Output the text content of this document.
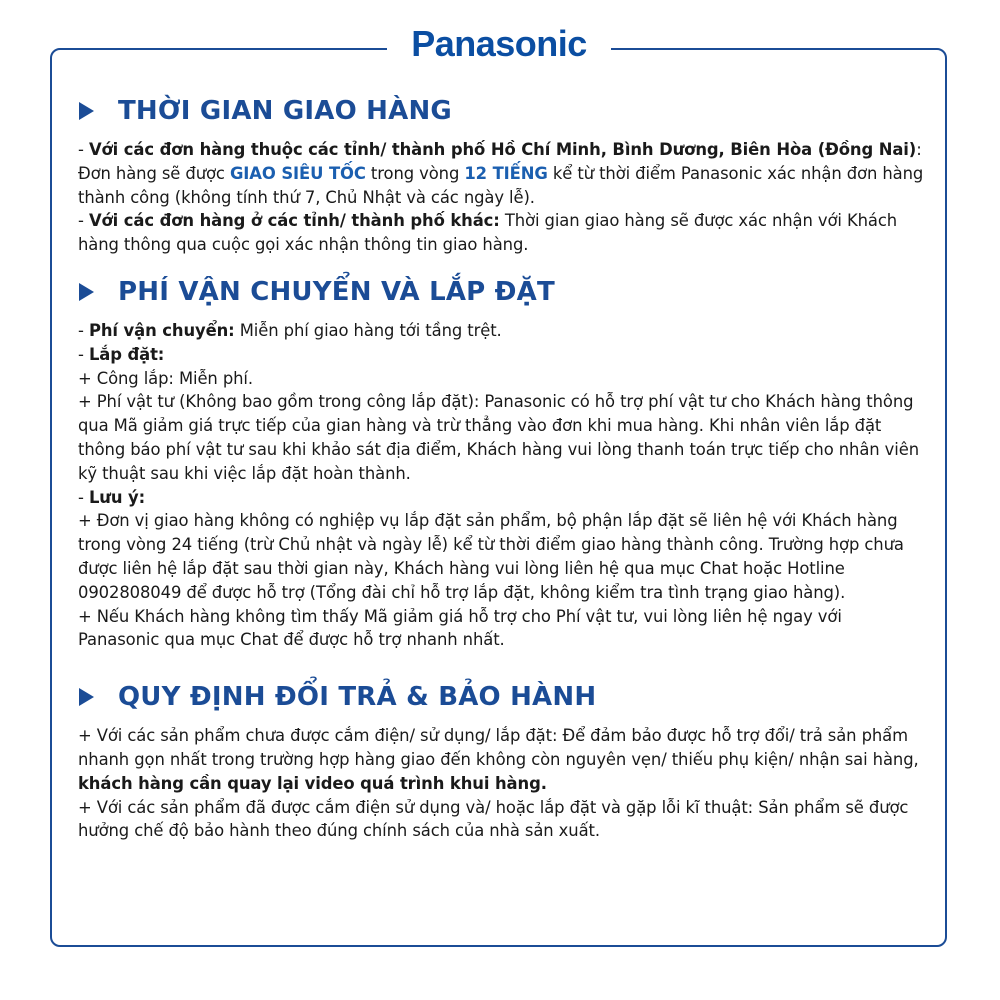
Panasonic
THỜI GIAN GIAO HÀNG

- Với các đơn hàng thuộc các tỉnh/ thành phố Hồ Chí Minh, Bình Dương, Biên Hòa (Đồng Nai): Đơn hàng sẽ được GIAO SIÊU TỐC trong vòng 12 TIẾNG kể từ thời điểm Panasonic xác nhận đơn hàng thành công (không tính thứ 7, Chủ Nhật và các ngày lễ).

- Với các đơn hàng ở các tỉnh/ thành phố khác: Thời gian giao hàng sẽ được xác nhận với Khách hàng thông qua cuộc gọi xác nhận thông tin giao hàng.

PHÍ VẬN CHUYỂN VÀ LẮP ĐẶT

- Phí vận chuyển: Miễn phí giao hàng tới tầng trệt.

- Lắp đặt:

+ Công lắp: Miễn phí.

+ Phí vật tư (Không bao gồm trong công lắp đặt): Panasonic có hỗ trợ phí vật tư cho Khách hàng thông qua Mã giảm giá trực tiếp của gian hàng và trừ thẳng vào đơn khi mua hàng. Khi nhân viên lắp đặt thông báo phí vật tư sau khi khảo sát địa điểm, Khách hàng vui lòng thanh toán trực tiếp cho nhân viên kỹ thuật sau khi việc lắp đặt hoàn thành.

- Lưu ý:

+ Đơn vị giao hàng không có nghiệp vụ lắp đặt sản phẩm, bộ phận lắp đặt sẽ liên hệ với Khách hàng trong vòng 24 tiếng (trừ Chủ nhật và ngày lễ) kể từ thời điểm giao hàng thành công. Trường hợp chưa được liên hệ lắp đặt sau thời gian này, Khách hàng vui lòng liên hệ qua mục Chat hoặc Hotline 0902808049 để được hỗ trợ (Tổng đài chỉ hỗ trợ lắp đặt, không kiểm tra tình trạng giao hàng).

+ Nếu Khách hàng không tìm thấy Mã giảm giá hỗ trợ cho Phí vật tư, vui lòng liên hệ ngay với Panasonic qua mục Chat để được hỗ trợ nhanh nhất.

QUY ĐỊNH ĐỔI TRẢ & BẢO HÀNH

+ Với các sản phẩm chưa được cắm điện/ sử dụng/ lắp đặt: Để đảm bảo được hỗ trợ đổi/ trả sản phẩm nhanh gọn nhất trong trường hợp hàng giao đến không còn nguyên vẹn/ thiếu phụ kiện/ nhận sai hàng, khách hàng cần quay lại video quá trình khui hàng.

+ Với các sản phẩm đã được cắm điện sử dụng và/ hoặc lắp đặt và gặp lỗi kĩ thuật: Sản phẩm sẽ được hưởng chế độ bảo hành theo đúng chính sách của nhà sản xuất.
